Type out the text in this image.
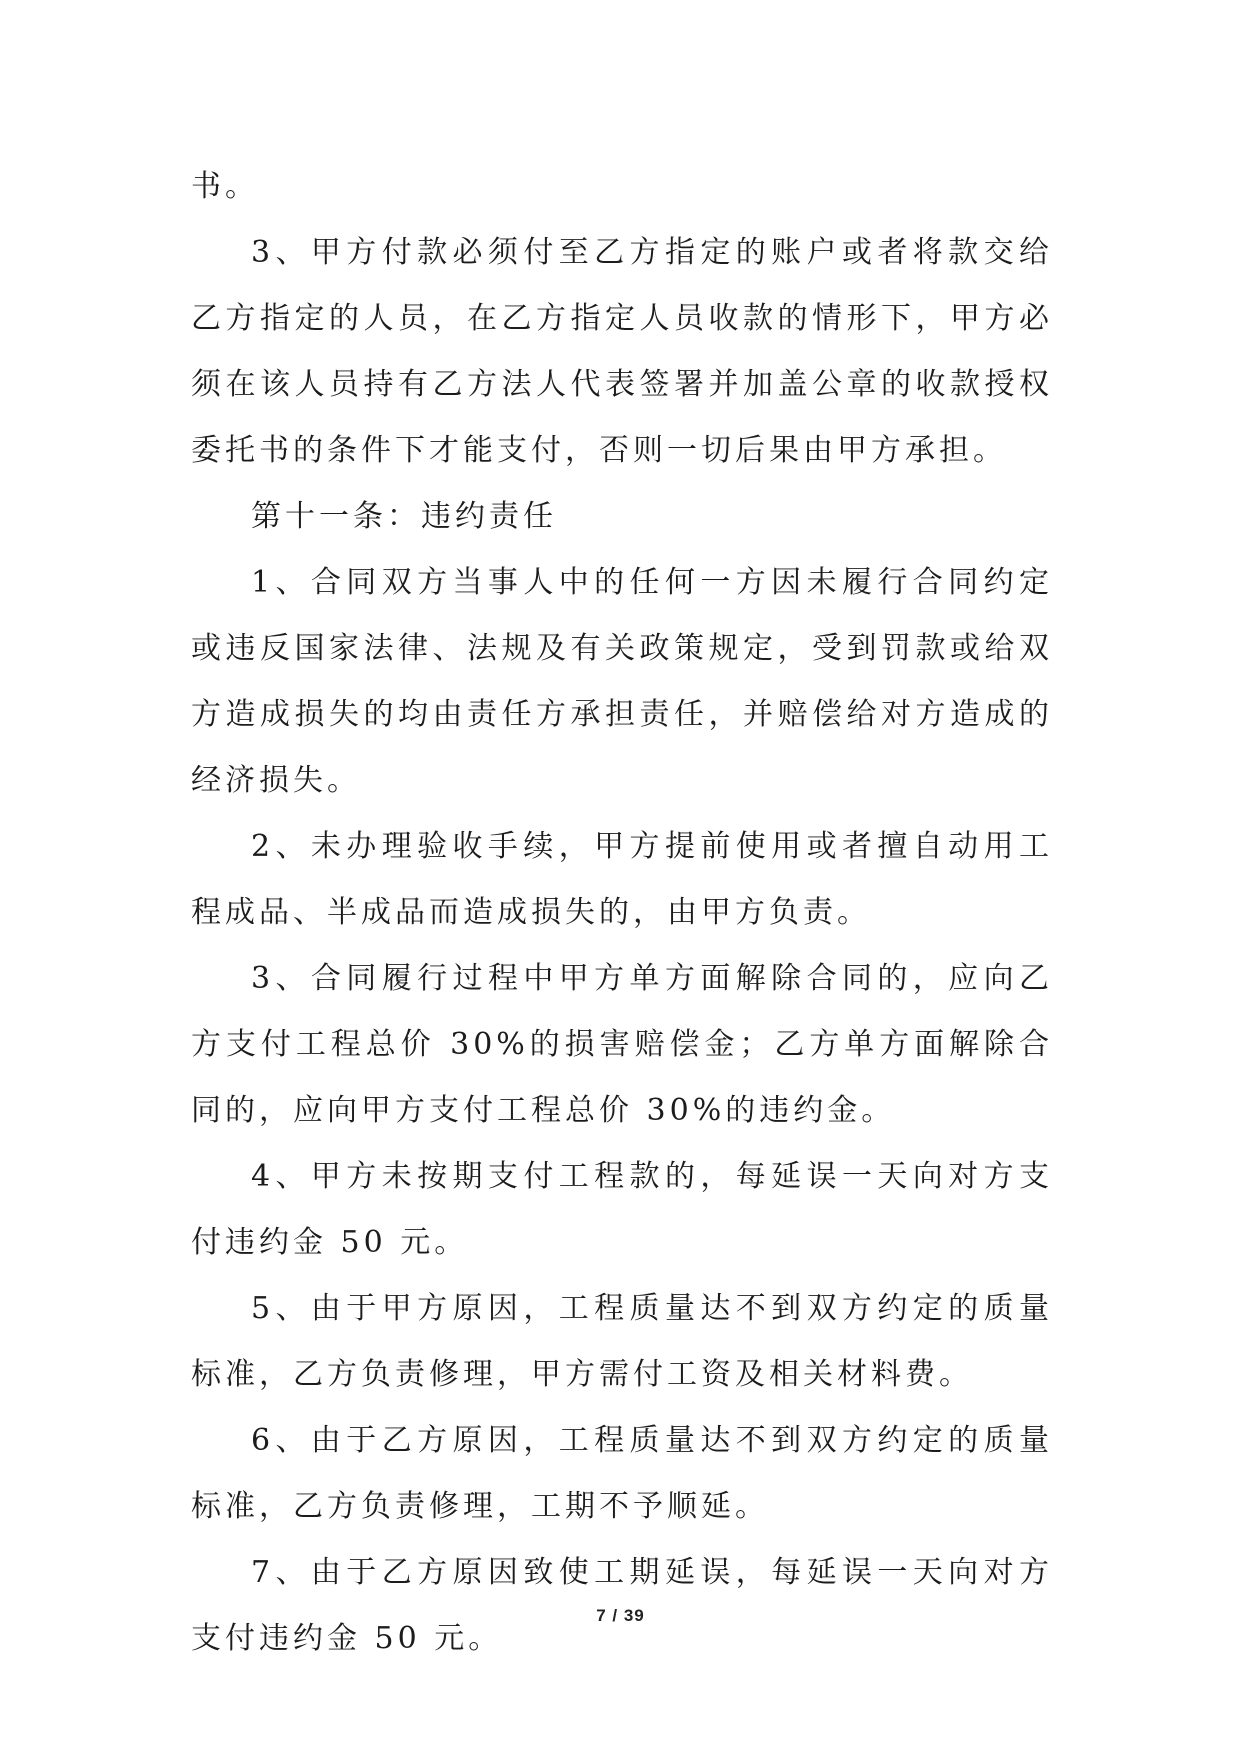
书。

3、甲方付款必须付至乙方指定的账户或者将款交给乙方指定的人员，在乙方指定人员收款的情形下，甲方必须在该人员持有乙方法人代表签署并加盖公章的收款授权委托书的条件下才能支付，否则一切后果由甲方承担。

第十一条：违约责任

1、合同双方当事人中的任何一方因未履行合同约定或违反国家法律、法规及有关政策规定，受到罚款或给双方造成损失的均由责任方承担责任，并赔偿给对方造成的经济损失。

2、未办理验收手续，甲方提前使用或者擅自动用工程成品、半成品而造成损失的，由甲方负责。

3、合同履行过程中甲方单方面解除合同的，应向乙方支付工程总价 30%的损害赔偿金；乙方单方面解除合同的，应向甲方支付工程总价 30%的违约金。

4、甲方未按期支付工程款的，每延误一天向对方支付违约金 50 元。

5、由于甲方原因，工程质量达不到双方约定的质量标准，乙方负责修理，甲方需付工资及相关材料费。

6、由于乙方原因，工程质量达不到双方约定的质量标准，乙方负责修理，工期不予顺延。

7、由于乙方原因致使工期延误，每延误一天向对方支付违约金 50 元。

7 / 39
